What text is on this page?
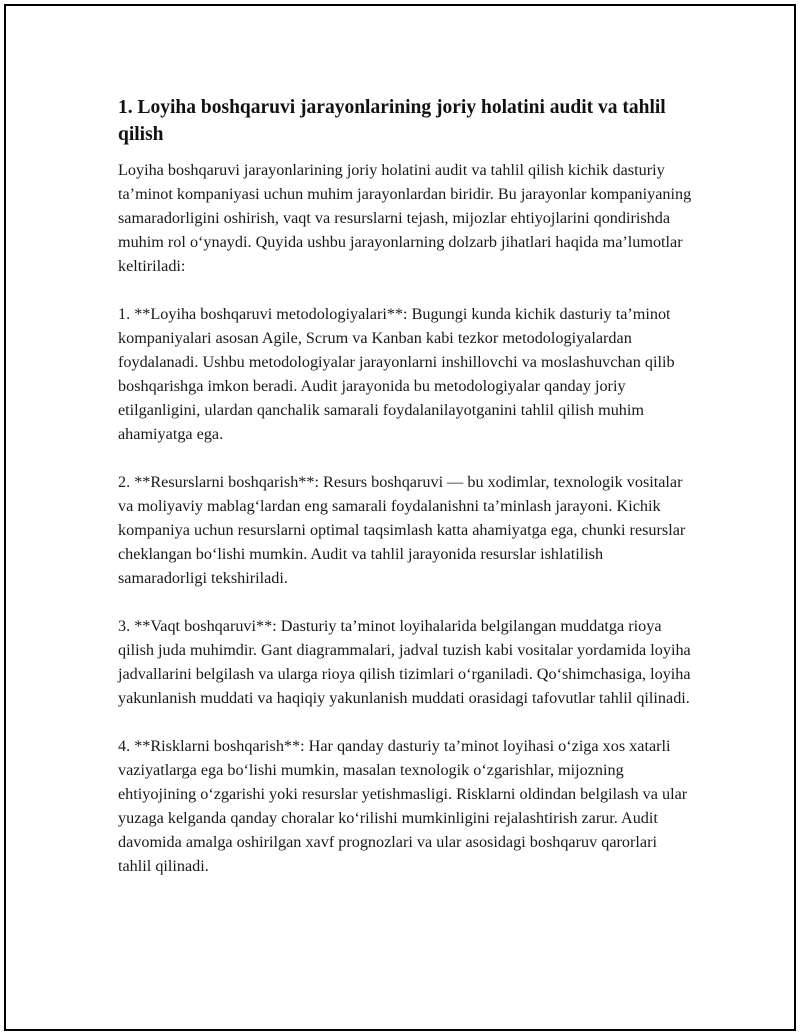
1. Loyiha boshqaruvi jarayonlarining joriy holatini audit va tahlil qilish

Loyiha boshqaruvi jarayonlarining joriy holatini audit va tahlil qilish kichik dasturiy taʼminot kompaniyasi uchun muhim jarayonlardan biridir. Bu jarayonlar kompaniyaning samaradorligini oshirish, vaqt va resurslarni tejash, mijozlar ehtiyojlarini qondirishda muhim rol oʻynaydi. Quyida ushbu jarayonlarning dolzarb jihatlari haqida maʼlumotlar keltiriladi:

1. **Loyiha boshqaruvi metodologiyalari**: Bugungi kunda kichik dasturiy taʼminot kompaniyalari asosan Agile, Scrum va Kanban kabi tezkor metodologiyalardan foydalanadi. Ushbu metodologiyalar jarayonlarni inshillovchi va moslashuvchan qilib boshqarishga imkon beradi. Audit jarayonida bu metodologiyalar qanday joriy etilganligini, ulardan qanchalik samarali foydalanilayotganini tahlil qilish muhim ahamiyatga ega.

2. **Resurslarni boshqarish**: Resurs boshqaruvi — bu xodimlar, texnologik vositalar va moliyaviy mablagʻlardan eng samarali foydalanishni taʼminlash jarayoni. Kichik kompaniya uchun resurslarni optimal taqsimlash katta ahamiyatga ega, chunki resurslar cheklangan boʻlishi mumkin. Audit va tahlil jarayonida resurslar ishlatilish samaradorligi tekshiriladi.

3. **Vaqt boshqaruvi**: Dasturiy taʼminot loyihalarida belgilangan muddatga rioya qilish juda muhimdir. Gant diagrammalari, jadval tuzish kabi vositalar yordamida loyiha jadvallarini belgilash va ularga rioya qilish tizimlari oʻrganiladi. Qoʻshimchasiga, loyiha yakunlanish muddati va haqiqiy yakunlanish muddati orasidagi tafovutlar tahlil qilinadi.

4. **Risklarni boshqarish**: Har qanday dasturiy taʼminot loyihasi oʻziga xos xatarli vaziyatlarga ega boʻlishi mumkin, masalan texnologik oʻzgarishlar, mijozning ehtiyojining oʻzgarishi yoki resurslar yetishmasligi. Risklarni oldindan belgilash va ular yuzaga kelganda qanday choralar koʻrilishi mumkinligini rejalashtirish zarur. Audit davomida amalga oshirilgan xavf prognozlari va ular asosidagi boshqaruv qarorlari tahlil qilinadi.
